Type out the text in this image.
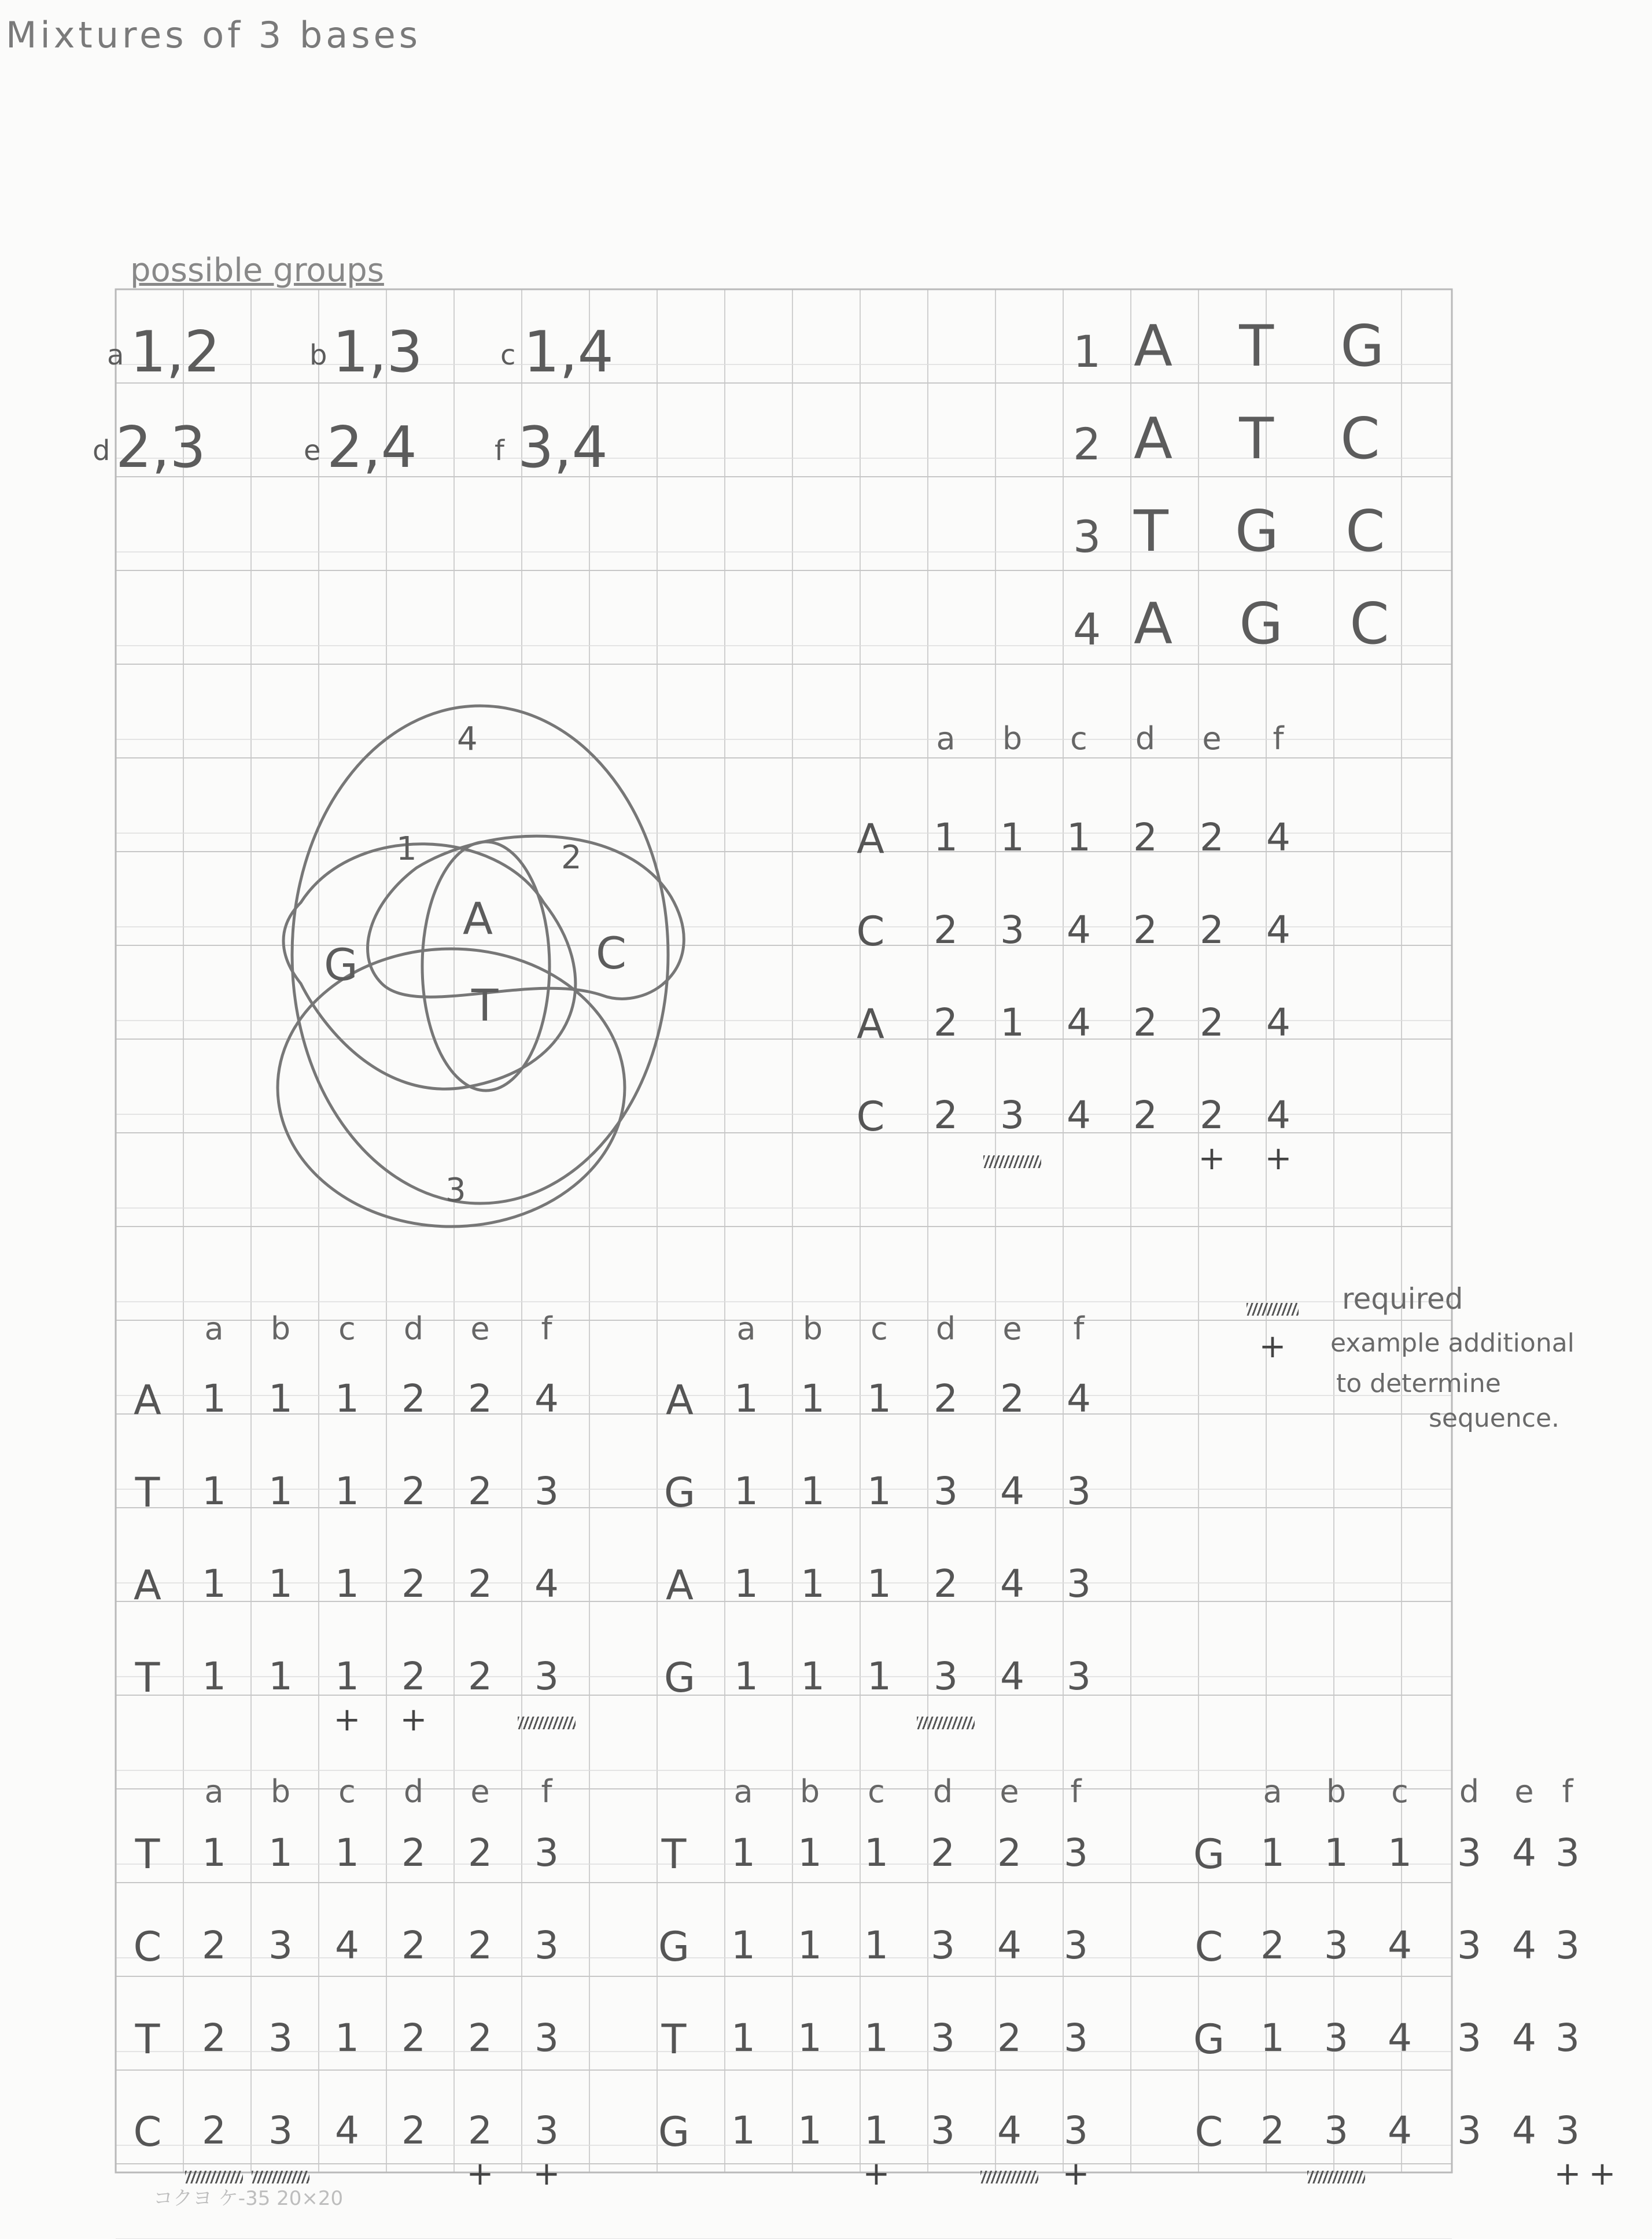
Mixtures of 3 bases
possible groups
a 1,2	b 1,3	c 1,4
d 2,3	e 2,4	f 3,4
1 A T G
2 A T C
3 T G C
4 A G C
4
1	2
3
G
A
C
T
a b c d e f
A 1 1 1 2 2 4
C 2 3 4 2 2 4
A 2 1 4 2 2 4
C 2 3 4 2 2 4
+ +
a b c d e f
A 1 1 1 2 2 4
T 1 1 1 2 2 3
A 1 1 1 2 2 4
T 1 1 1 2 2 3
+ +
a b c d e f
A 1 1 1 2 2 4
G 1 1 1 3 4 3
A 1 1 1 2 4 3
G 1 1 1 3 4 3
a b c d e f
T 1 1 1 2 2 3
C 2 3 4 2 2 3
T 2 3 1 2 2 3
C 2 3 4 2 2 3
+ +
a b c d e f
T 1 1 1 2 2 3
G 1 1 1 3 4 3
T 1 1 1 3 2 3
G 1 1 1 3 4 3
+	+
a b c d e f
G 1 1 1 3 4 3
C 2 3 4 3 4 3
G 1 3 4 3 4 3
C 2 3 4 3 4 3
+ +
required
+ example additional
to determine
sequence.
コクヨ ケ-35 20×20
